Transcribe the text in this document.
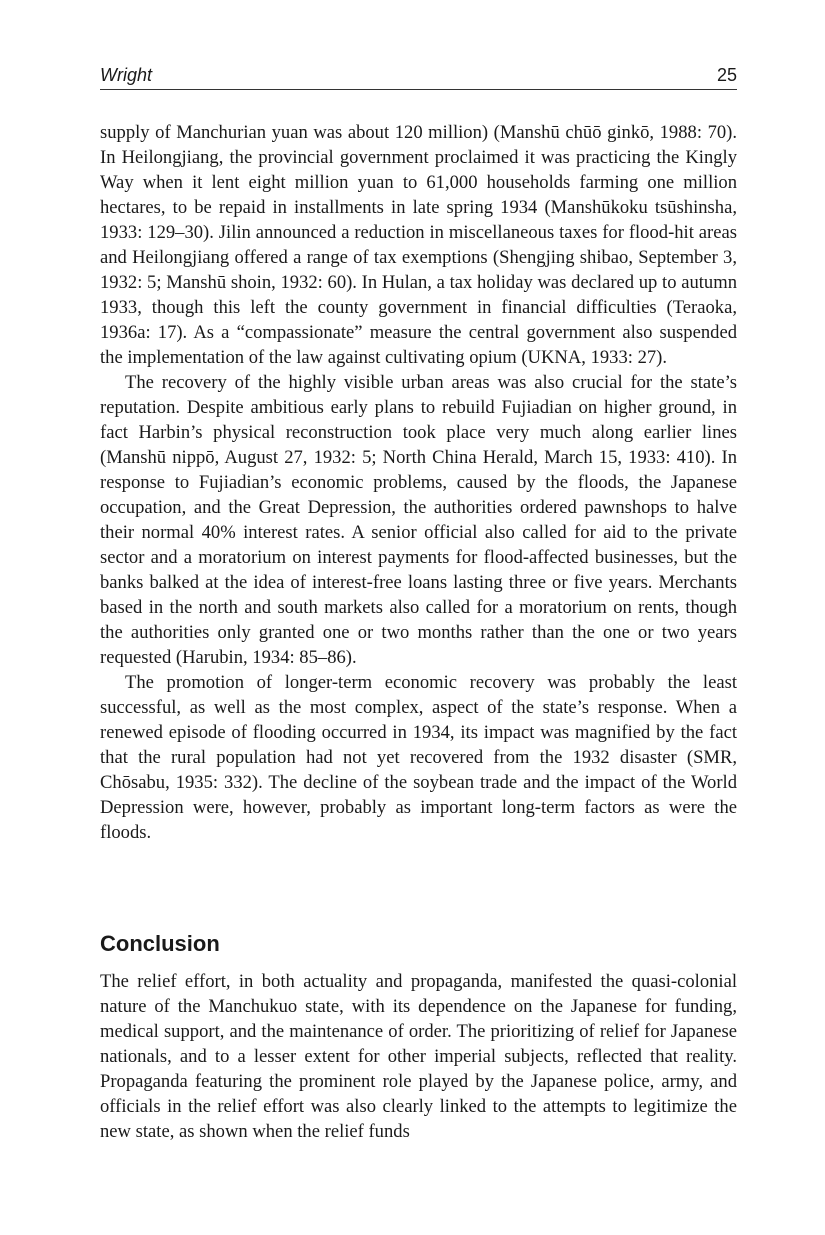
Wright	25

supply of Manchurian yuan was about 120 million) (Manshū chūō ginkō, 1988: 70). In Heilongjiang, the provincial government proclaimed it was practicing the Kingly Way when it lent eight million yuan to 61,000 households farming one million hectares, to be repaid in installments in late spring 1934 (Manshūkoku tsūshinsha, 1933: 129–30). Jilin announced a reduction in miscellaneous taxes for flood-hit areas and Heilongjiang offered a range of tax exemptions (Shengjing shibao, September 3, 1932: 5; Manshū shoin, 1932: 60). In Hulan, a tax holiday was declared up to autumn 1933, though this left the county government in financial difficulties (Teraoka, 1936a: 17). As a “compassionate” measure the central government also suspended the implementation of the law against cultivating opium (UKNA, 1933: 27).

The recovery of the highly visible urban areas was also crucial for the state’s reputation. Despite ambitious early plans to rebuild Fujiadian on higher ground, in fact Harbin’s physical reconstruction took place very much along earlier lines (Manshū nippō, August 27, 1932: 5; North China Herald, March 15, 1933: 410). In response to Fujiadian’s economic problems, caused by the floods, the Japanese occupation, and the Great Depression, the authorities ordered pawnshops to halve their normal 40% interest rates. A senior official also called for aid to the private sector and a moratorium on interest payments for flood-affected businesses, but the banks balked at the idea of interest-free loans lasting three or five years. Merchants based in the north and south markets also called for a moratorium on rents, though the authorities only granted one or two months rather than the one or two years requested (Harubin, 1934: 85–86).

The promotion of longer-term economic recovery was probably the least successful, as well as the most complex, aspect of the state’s response. When a renewed episode of flooding occurred in 1934, its impact was magnified by the fact that the rural population had not yet recovered from the 1932 disaster (SMR, Chōsabu, 1935: 332). The decline of the soybean trade and the impact of the World Depression were, however, probably as important long-term factors as were the floods.

Conclusion

The relief effort, in both actuality and propaganda, manifested the quasi-colonial nature of the Manchukuo state, with its dependence on the Japanese for funding, medical support, and the maintenance of order. The prioritizing of relief for Japanese nationals, and to a lesser extent for other imperial subjects, reflected that reality. Propaganda featuring the prominent role played by the Japanese police, army, and officials in the relief effort was also clearly linked to the attempts to legitimize the new state, as shown when the relief funds
